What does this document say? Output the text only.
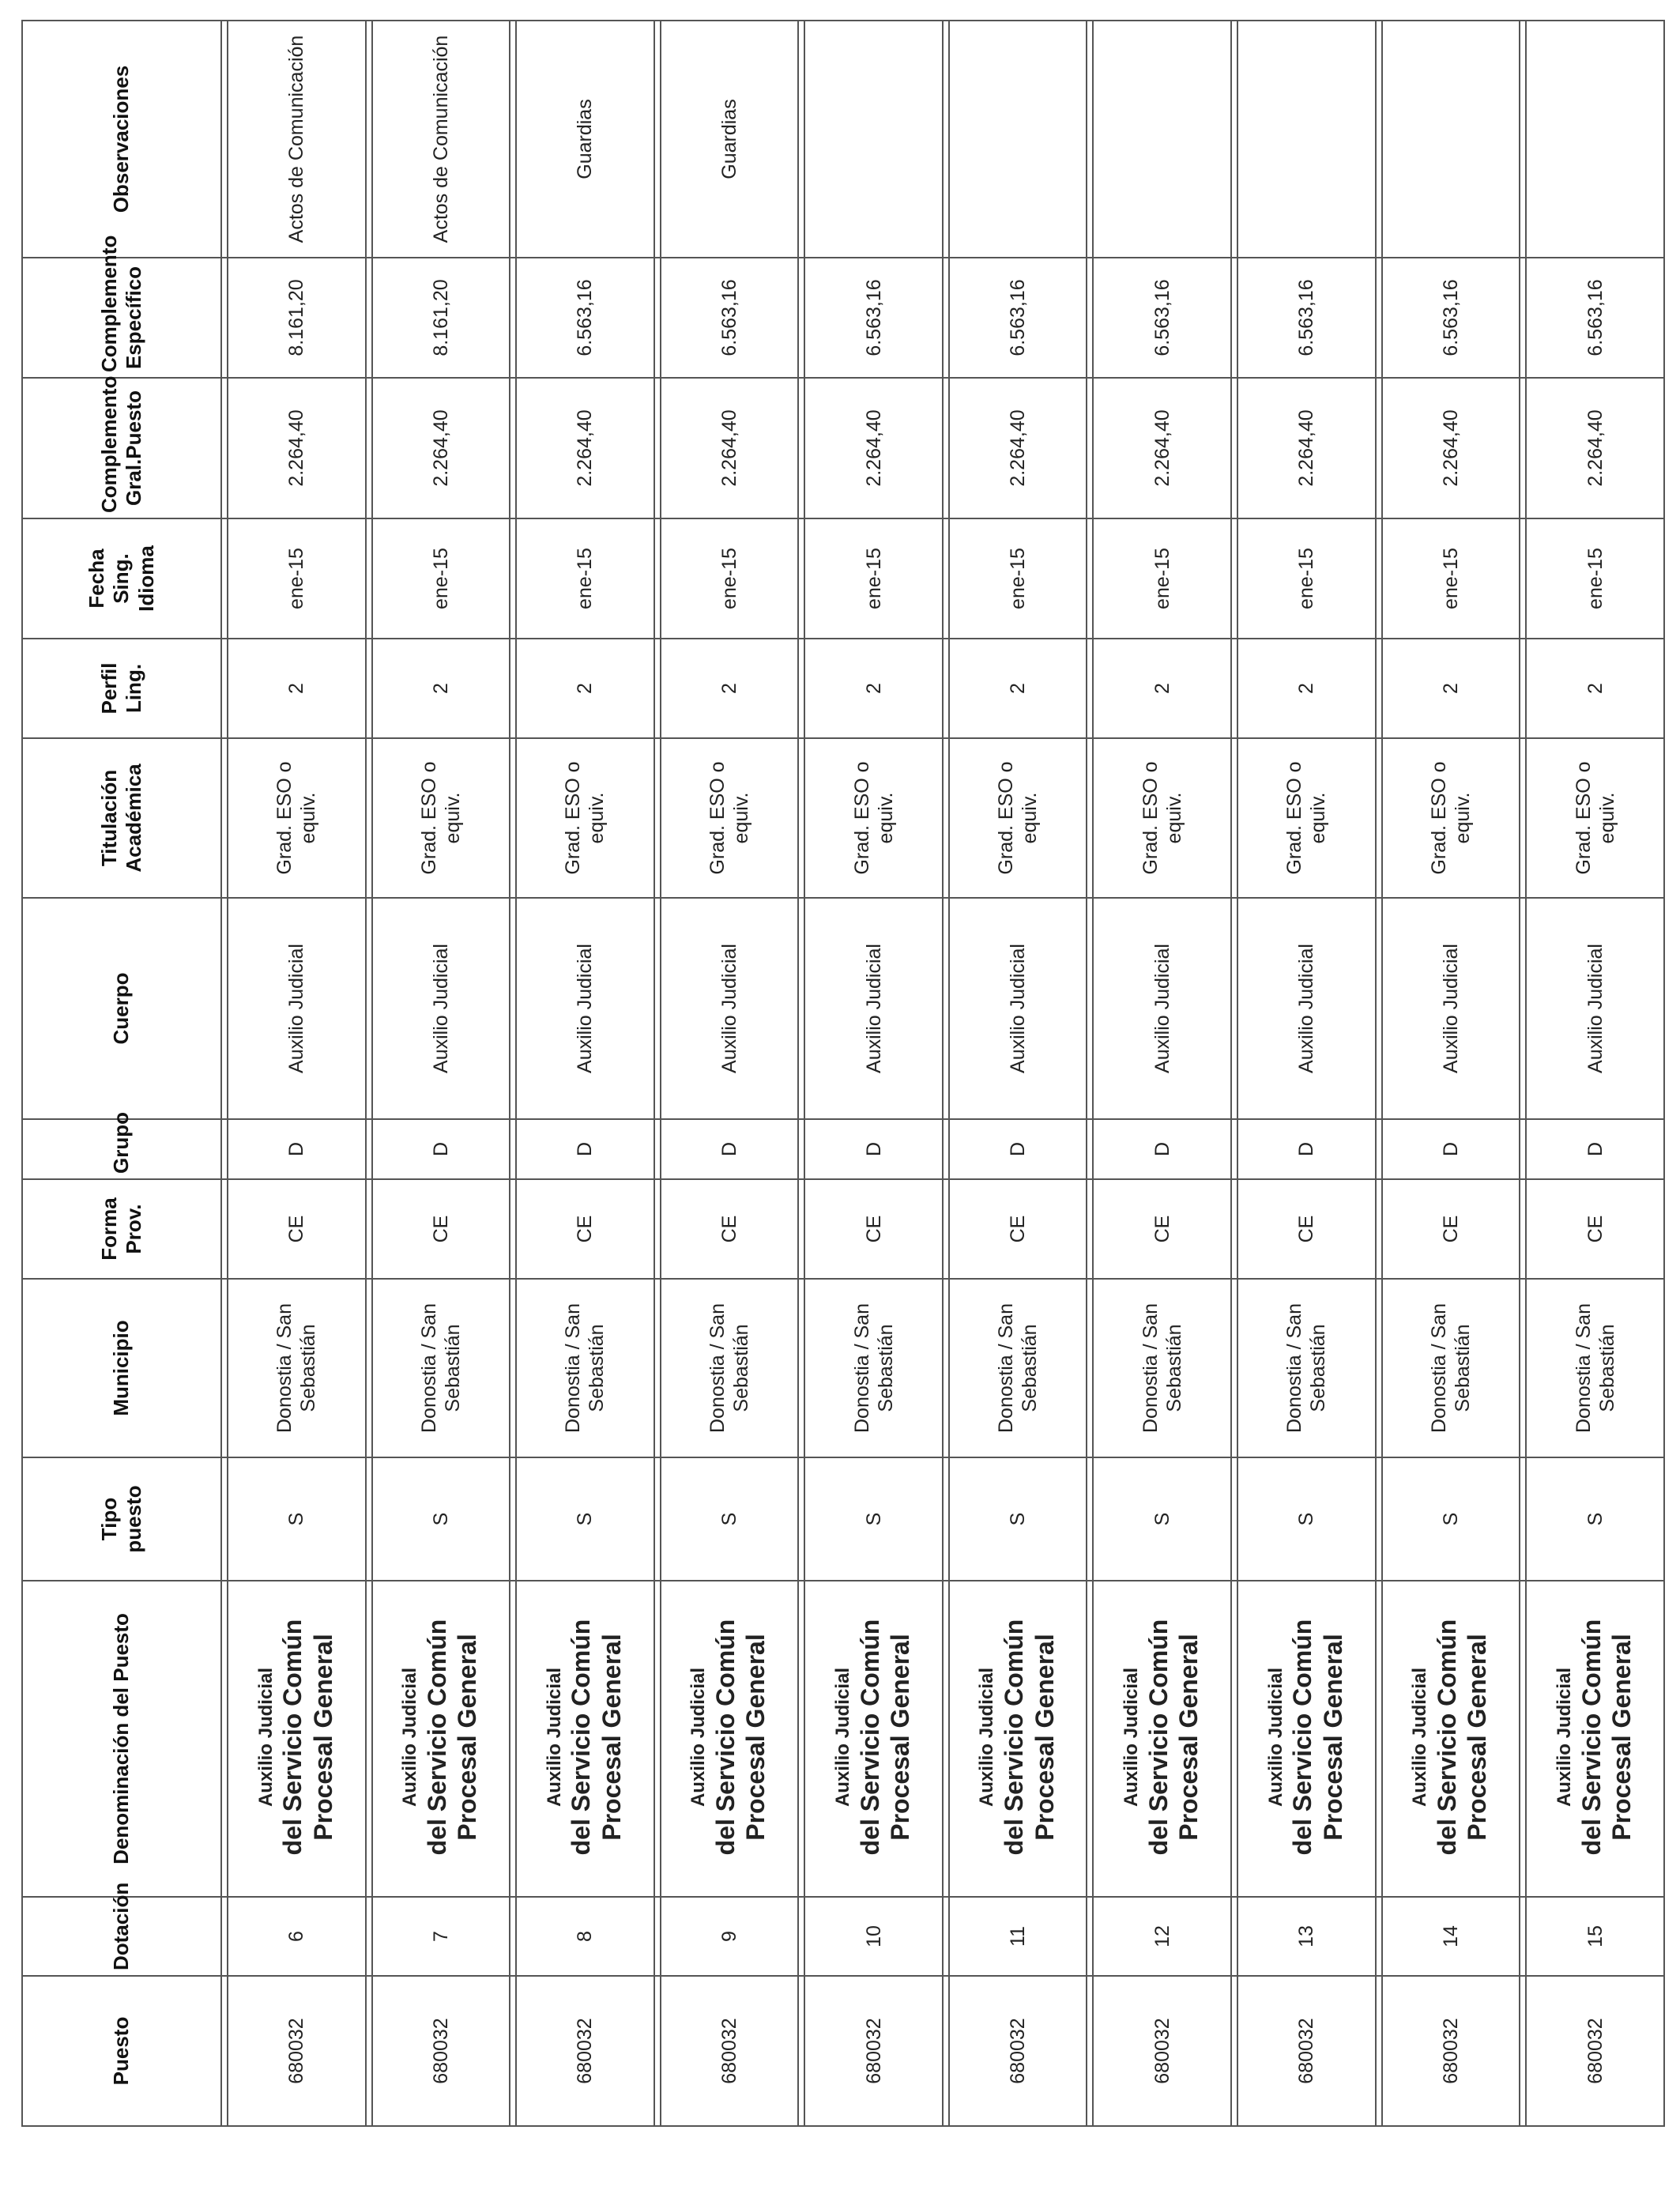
Puesto	Dotación	Denominación del Puesto	Tipo puesto	Municipio	Forma Prov.	Grupo	Cuerpo	Titulación Académica	Perfil Ling.	Fecha Sing. Idioma	Complemento Gral.Puesto	Complemento Específico	Observaciones

680032	6	Auxilio Judicial del Servicio Común Procesal General	S	Donostia / San Sebastián	CE	D	Auxilio Judicial	Grad. ESO o equiv.	2	ene-15	2.264,40	8.161,20	Actos de Comunicación

680032	7	Auxilio Judicial del Servicio Común Procesal General	S	Donostia / San Sebastián	CE	D	Auxilio Judicial	Grad. ESO o equiv.	2	ene-15	2.264,40	8.161,20	Actos de Comunicación

680032	8	Auxilio Judicial del Servicio Común Procesal General	S	Donostia / San Sebastián	CE	D	Auxilio Judicial	Grad. ESO o equiv.	2	ene-15	2.264,40	6.563,16	Guardias

680032	9	Auxilio Judicial del Servicio Común Procesal General	S	Donostia / San Sebastián	CE	D	Auxilio Judicial	Grad. ESO o equiv.	2	ene-15	2.264,40	6.563,16	Guardias

680032	10	Auxilio Judicial del Servicio Común Procesal General	S	Donostia / San Sebastián	CE	D	Auxilio Judicial	Grad. ESO o equiv.	2	ene-15	2.264,40	6.563,16	

680032	11	Auxilio Judicial del Servicio Común Procesal General	S	Donostia / San Sebastián	CE	D	Auxilio Judicial	Grad. ESO o equiv.	2	ene-15	2.264,40	6.563,16	

680032	12	Auxilio Judicial del Servicio Común Procesal General	S	Donostia / San Sebastián	CE	D	Auxilio Judicial	Grad. ESO o equiv.	2	ene-15	2.264,40	6.563,16	

680032	13	Auxilio Judicial del Servicio Común Procesal General	S	Donostia / San Sebastián	CE	D	Auxilio Judicial	Grad. ESO o equiv.	2	ene-15	2.264,40	6.563,16	

680032	14	Auxilio Judicial del Servicio Común Procesal General	S	Donostia / San Sebastián	CE	D	Auxilio Judicial	Grad. ESO o equiv.	2	ene-15	2.264,40	6.563,16	

680032	15	Auxilio Judicial del Servicio Común Procesal General	S	Donostia / San Sebastián	CE	D	Auxilio Judicial	Grad. ESO o equiv.	2	ene-15	2.264,40	6.563,16	
